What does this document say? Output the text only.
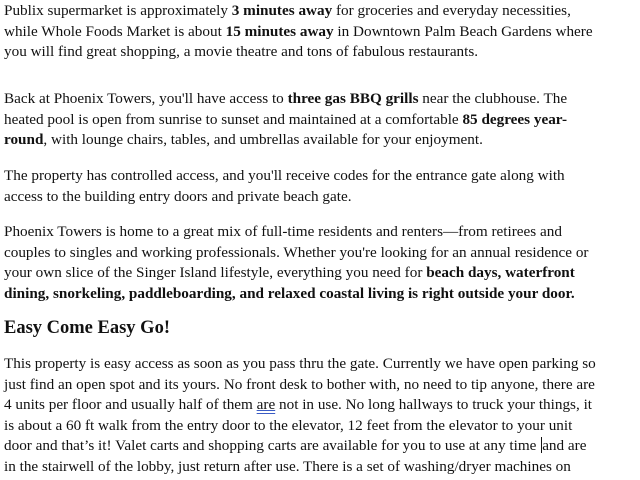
Publix supermarket is approximately 3 minutes away for groceries and everyday necessities,
while Whole Foods Market is about 15 minutes away in Downtown Palm Beach Gardens where
you will find great shopping, a movie theatre and tons of fabulous restaurants.

Back at Phoenix Towers, you'll have access to three gas BBQ grills near the clubhouse. The
heated pool is open from sunrise to sunset and maintained at a comfortable 85 degrees year-
round, with lounge chairs, tables, and umbrellas available for your enjoyment.

The property has controlled access, and you'll receive codes for the entrance gate along with
access to the building entry doors and private beach gate.

Phoenix Towers is home to a great mix of full-time residents and renters—from retirees and
couples to singles and working professionals. Whether you're looking for an annual residence or
your own slice of the Singer Island lifestyle, everything you need for beach days, waterfront
dining, snorkeling, paddleboarding, and relaxed coastal living is right outside your door.

Easy Come Easy Go!

This property is easy access as soon as you pass thru the gate. Currently we have open parking so
just find an open spot and its yours. No front desk to bother with, no need to tip anyone, there are
4 units per floor and usually half of them are not in use. No long hallways to truck your things, it
is about a 60 ft walk from the entry door to the elevator, 12 feet from the elevator to your unit
door and that’s it! Valet carts and shopping carts are available for you to use at any time and are
in the stairwell of the lobby, just return after use. There is a set of washing/dryer machines on
